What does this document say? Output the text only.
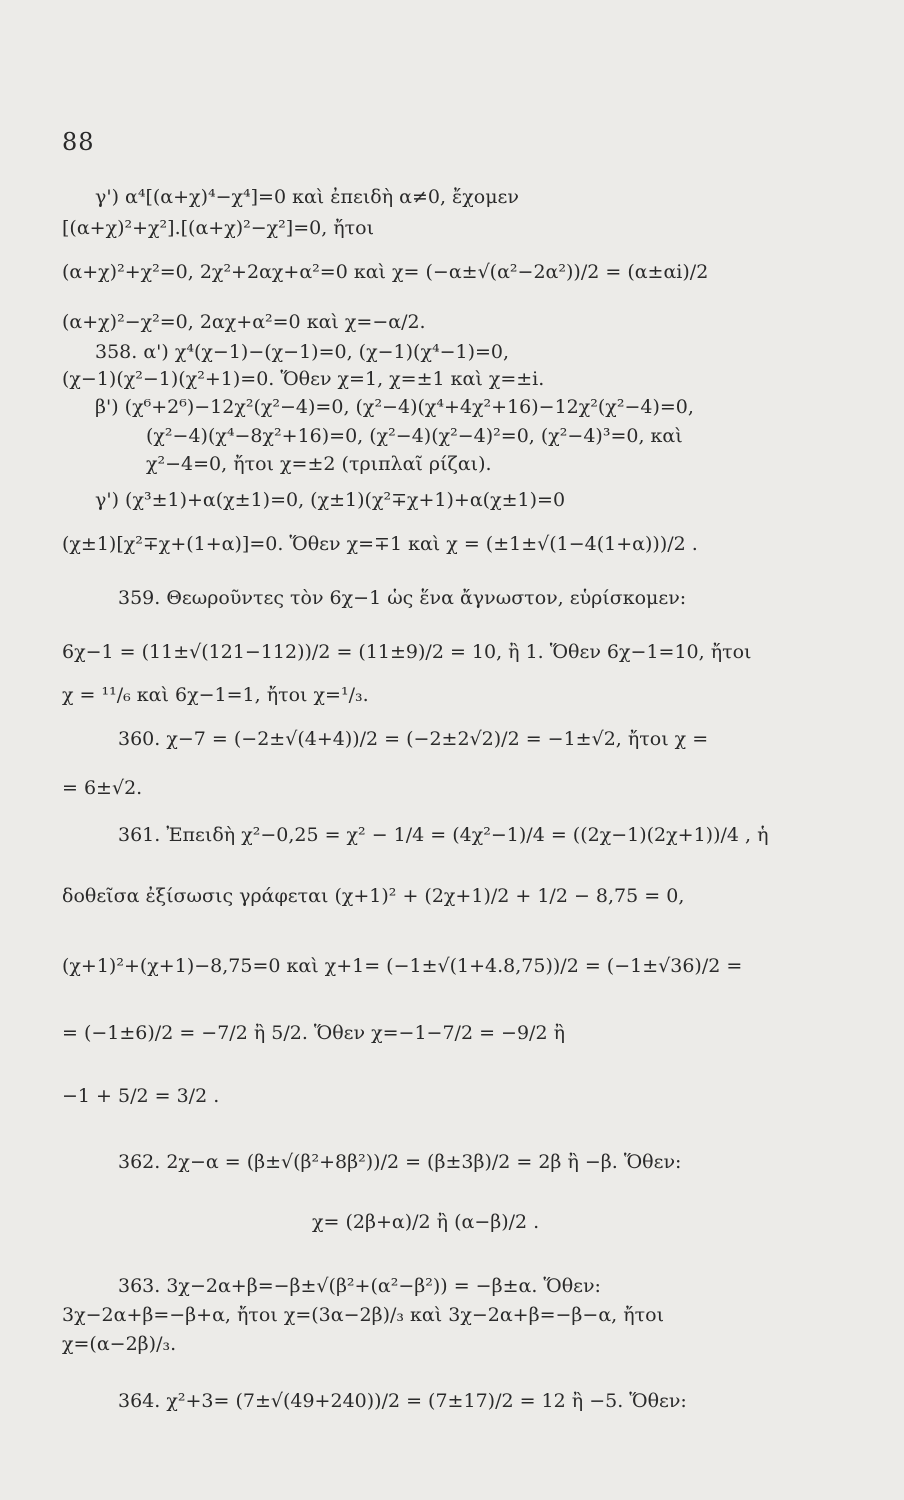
88
γ') α⁴[(α+χ)⁴−χ⁴]=0 καὶ ἐπειδὴ α≠0, ἔχομεν
[(α+χ)²+χ²].[(α+χ)²−χ²]=0, ἤτοι
(α+χ)²+χ²=0, 2χ²+2αχ+α²=0 καὶ χ= (−α±√(α²−2α²))/2 = (α±αi)/2
(α+χ)²−χ²=0, 2αχ+α²=0 καὶ χ=−α/2.
358. α') χ⁴(χ−1)−(χ−1)=0, (χ−1)(χ⁴−1)=0,
(χ−1)(χ²−1)(χ²+1)=0. Ὅθεν χ=1, χ=±1 καὶ χ=±i.
β') (χ⁶+2⁶)−12χ²(χ²−4)=0, (χ²−4)(χ⁴+4χ²+16)−12χ²(χ²−4)=0,
(χ²−4)(χ⁴−8χ²+16)=0, (χ²−4)(χ²−4)²=0, (χ²−4)³=0, καὶ
χ²−4=0, ἤτοι χ=±2 (τριπλαῖ ρίζαι).
γ') (χ³±1)+α(χ±1)=0, (χ±1)(χ²∓χ+1)+α(χ±1)=0
(χ±1)[χ²∓χ+(1+α)]=0. Ὅθεν χ=∓1 καὶ χ = (±1±√(1−4(1+α)))/2 .
359. Θεωροῦντες τὸν 6χ−1 ὡς ἕνα ἄγνωστον, εὑρίσκομεν:
6χ−1 = (11±√(121−112))/2 = (11±9)/2 = 10, ἢ 1. Ὅθεν 6χ−1=10, ἤτοι
χ = ¹¹/₆ καὶ 6χ−1=1, ἤτοι χ=¹/₃.
360. χ−7 = (−2±√(4+4))/2 = (−2±2√2)/2 = −1±√2, ἤτοι χ =
= 6±√2.
361. Ἐπειδὴ χ²−0,25 = χ² − 1/4 = (4χ²−1)/4 = ((2χ−1)(2χ+1))/4 , ἡ
δοθεῖσα ἐξίσωσις γράφεται (χ+1)² + (2χ+1)/2 + 1/2 − 8,75 = 0,
(χ+1)²+(χ+1)−8,75=0 καὶ χ+1= (−1±√(1+4.8,75))/2 = (−1±√36)/2 =
= (−1±6)/2 = −7/2 ἢ 5/2. Ὅθεν χ=−1−7/2 = −9/2 ἢ
−1 + 5/2 = 3/2 .
362. 2χ−α = (β±√(β²+8β²))/2 = (β±3β)/2 = 2β ἢ −β. Ὅθεν:
χ= (2β+α)/2 ἢ (α−β)/2 .
363. 3χ−2α+β=−β±√(β²+(α²−β²)) = −β±α. Ὅθεν:
3χ−2α+β=−β+α, ἤτοι χ=(3α−2β)/₃ καὶ 3χ−2α+β=−β−α, ἤτοι
χ=(α−2β)/₃.
364. χ²+3= (7±√(49+240))/2 = (7±17)/2 = 12 ἢ −5. Ὅθεν:
